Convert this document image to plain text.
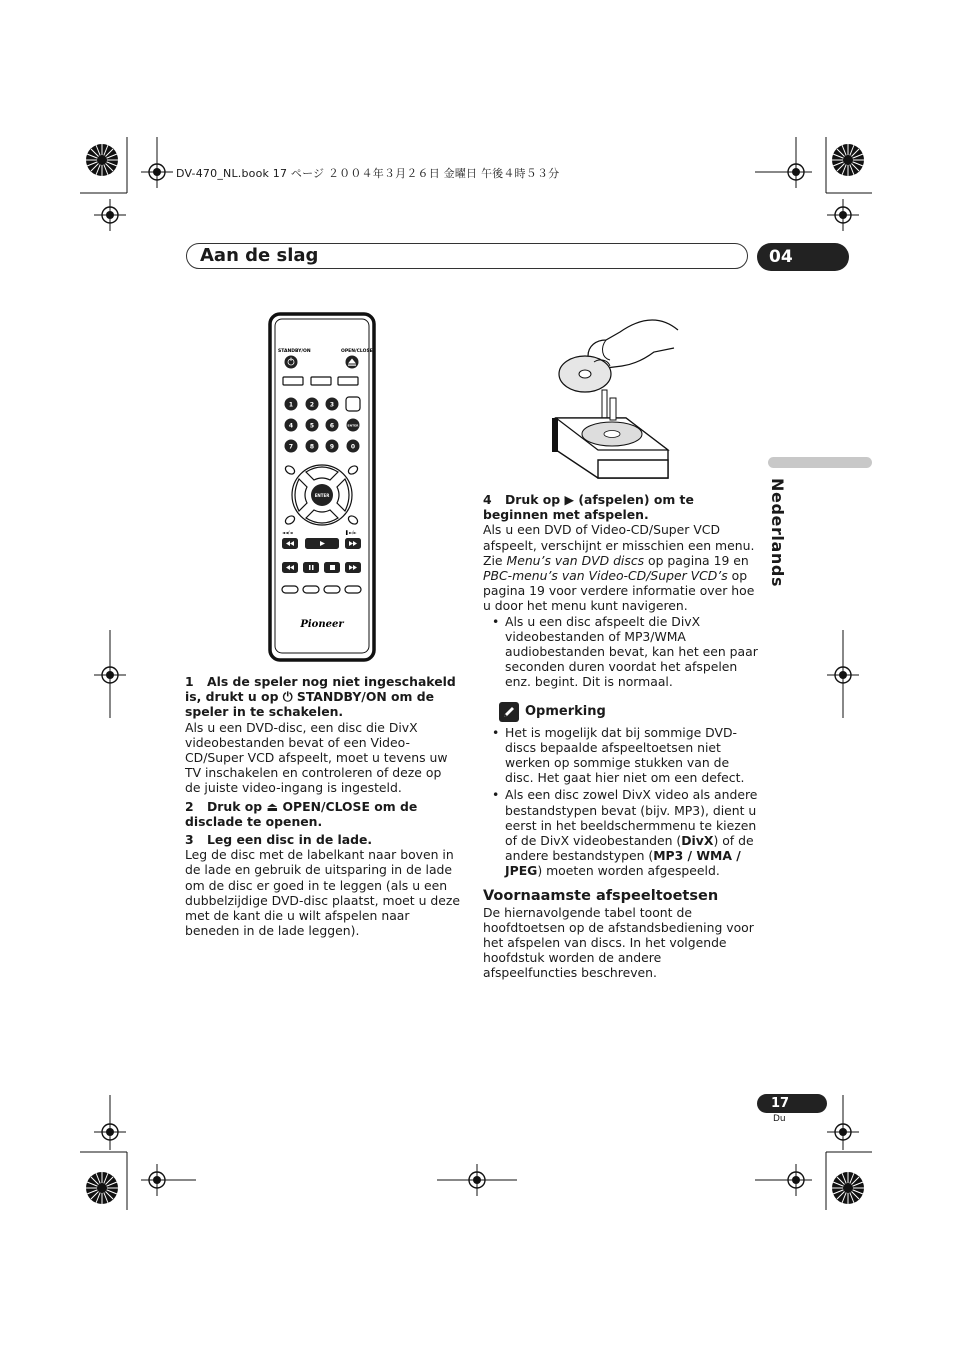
DV-470_NL.book 17 ページ ２００４年３月２６日 金曜日 午後４時５３分
Aan de slag	04
Nederlands
STANDBY/ON	OPEN/CLOSE
1	2	3
4	5	6
7	8	9	0
ENTER
ENTER
◄◄/◄	▌►/►
Pioneer

1 Als de speler nog niet ingeschakeld is, drukt u op ⏻ STANDBY/ON om de speler in te schakelen.

Als u een DVD-disc, een disc die DivX videobestanden bevat of een Video-CD/Super VCD afspeelt, moet u tevens uw TV inschakelen en controleren of deze op de juiste video-ingang is ingesteld.

2 Druk op ⏏ OPEN/CLOSE om de disclade te openen.

3 Leg een disc in de lade.

Leg de disc met de labelkant naar boven in de lade en gebruik de uitsparing in de lade om de disc er goed in te leggen (als u een dubbelzijdige DVD-disc plaatst, moet u deze met de kant die u wilt afspelen naar beneden in de lade leggen).

4 Druk op ▶ (afspelen) om te beginnen met afspelen.

Als u een DVD of Video-CD/Super VCD afspeelt, verschijnt er misschien een menu. Zie Menu’s van DVD discs op pagina 19 en PBC-menu’s van Video-CD/Super VCD’s op pagina 19 voor verdere informatie over hoe u door het menu kunt navigeren.

• Als u een disc afspeelt die DivX videobestanden of MP3/WMA audiobestanden bevat, kan het een paar seconden duren voordat het afspelen enz. begint. Dit is normaal.
Opmerking
• Het is mogelijk dat bij sommige DVD-discs bepaalde afspeeltoetsen niet werken op sommige stukken van de disc. Het gaat hier niet om een defect.
• Als een disc zowel DivX video als andere bestandstypen bevat (bijv. MP3), dient u eerst in het beeldschermmenu te kiezen of de DivX videobestanden (DivX) of de andere bestandstypen (MP3 / WMA / JPEG) moeten worden afgespeeld.

Voornaamste afspeeltoetsen

De hiernavolgende tabel toont de hoofdtoetsen op de afstandsbediening voor het afspelen van discs. In het volgende hoofdstuk worden de andere afspeelfuncties beschreven.

17
Du
